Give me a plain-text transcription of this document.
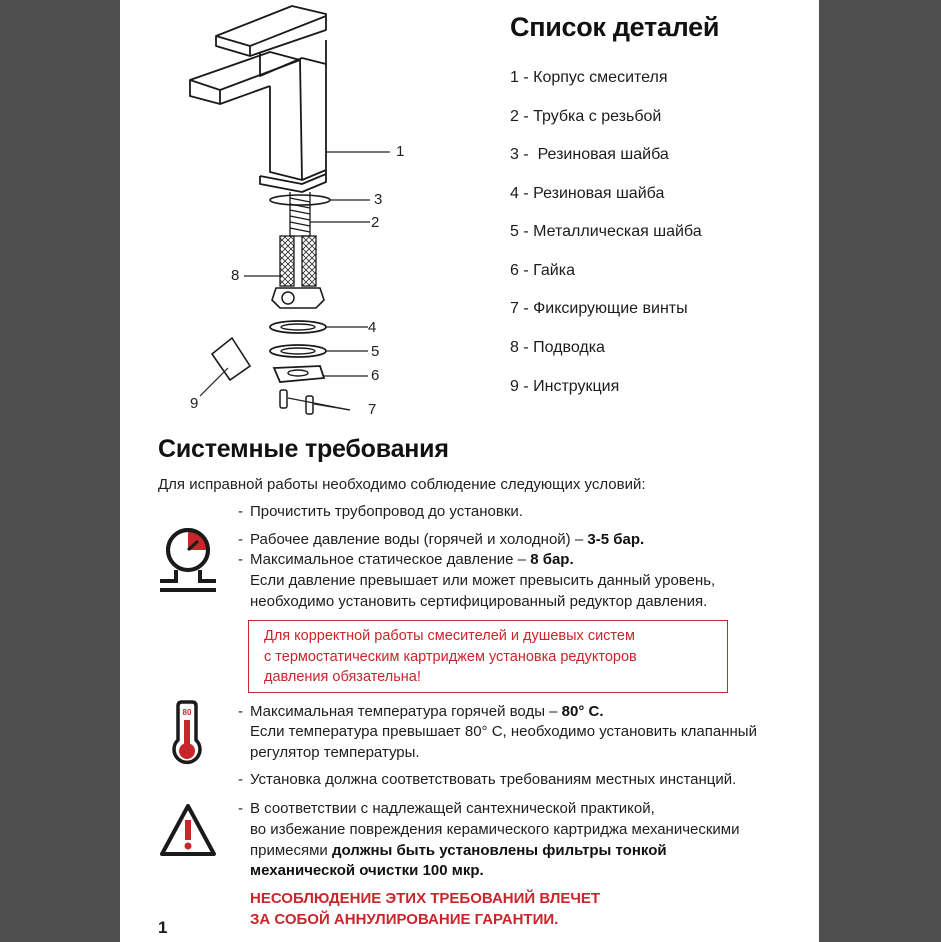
1
3
2
8
4
5
6
9	7
Список деталей
1 - Корпус смесителя
2 - Трубка с резьбой
3 -  Резиновая шайба
4 - Резиновая шайба
5 - Металлическая шайба
6 - Гайка
7 - Фиксирующие винты
8 - Подводка
9 - Инструкция
Системные требования
Для исправной работы необходимо соблюдение следующих условий:
- Прочистить трубопровод до установки.
- Рабочее давление воды (горячей и холодной) – 3-5 бар.
- Максимальное статическое давление – 8 бар.
Если давление превышает или может превысить данный уровень,
необходимо установить сертифицированный редуктор давления.
Для корректной работы смесителей и душевых систем
с термостатическим картриджем установка редукторов
давления обязательна!
80	- Максимальная температура горячей воды – 80° С.
Если температура превышает 80° С, необходимо установить клапанный
регулятор температуры.
- Установка должна соответствовать требованиям местных инстанций.
- В соответствии с надлежащей сантехнической практикой,
во избежание повреждения керамического картриджа механическими
примесями должны быть установлены фильтры тонкой
механической очистки 100 мкр.
НЕСОБЛЮДЕНИЕ ЭТИХ ТРЕБОВАНИЙ ВЛЕЧЕТ
ЗА СОБОЙ АННУЛИРОВАНИЕ ГАРАНТИИ.
1
